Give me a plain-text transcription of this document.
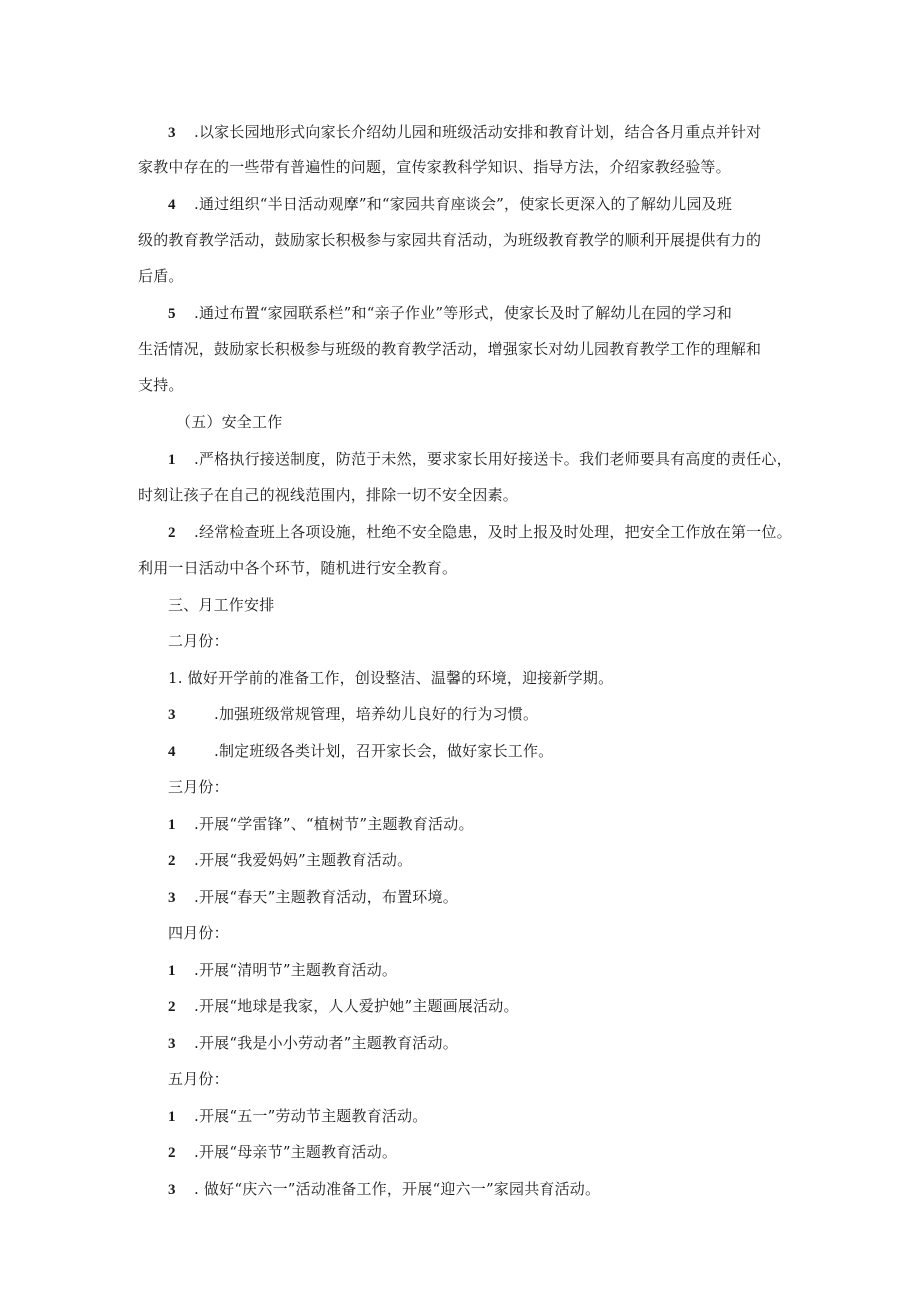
3 .以家长园地形式向家长介绍幼儿园和班级活动安排和教育计划，结合各月重点并针对
家教中存在的一些带有普遍性的问题，宣传家教科学知识、指导方法，介绍家教经验等。
4 .通过组织“半日活动观摩”和“家园共育座谈会”，使家长更深入的了解幼儿园及班
级的教育教学活动，鼓励家长积极参与家园共育活动，为班级教育教学的顺利开展提供有力的
后盾。
5 .通过布置“家园联系栏”和“亲子作业”等形式，使家长及时了解幼儿在园的学习和
生活情况，鼓励家长积极参与班级的教育教学活动，增强家长对幼儿园教育教学工作的理解和
支持。
（五）安全工作
1 .严格执行接送制度，防范于未然，要求家长用好接送卡。我们老师要具有高度的责任心，
时刻让孩子在自己的视线范围内，排除一切不安全因素。
2 .经常检查班上各项设施，杜绝不安全隐患，及时上报及时处理，把安全工作放在第一位。
利用一日活动中各个环节，随机进行安全教育。
三、月工作安排
二月份：
1. 做好开学前的准备工作，创设整洁、温馨的环境，迎接新学期。
3	.加强班级常规管理，培养幼儿良好的行为习惯。
4	.制定班级各类计划，召开家长会，做好家长工作。
三月份：
1 .开展“学雷锋”、“植树节”主题教育活动。
2 .开展“我爱妈妈”主题教育活动。
3 .开展“春天”主题教育活动，布置环境。
四月份：
1 .开展“清明节”主题教育活动。
2 .开展“地球是我家，人人爱护她”主题画展活动。
3 .开展“我是小小劳动者”主题教育活动。
五月份：
1 .开展“五一”劳动节主题教育活动。
2 .开展“母亲节”主题教育活动。
3 . 做好“庆六一”活动准备工作，开展“迎六一”家园共育活动。
